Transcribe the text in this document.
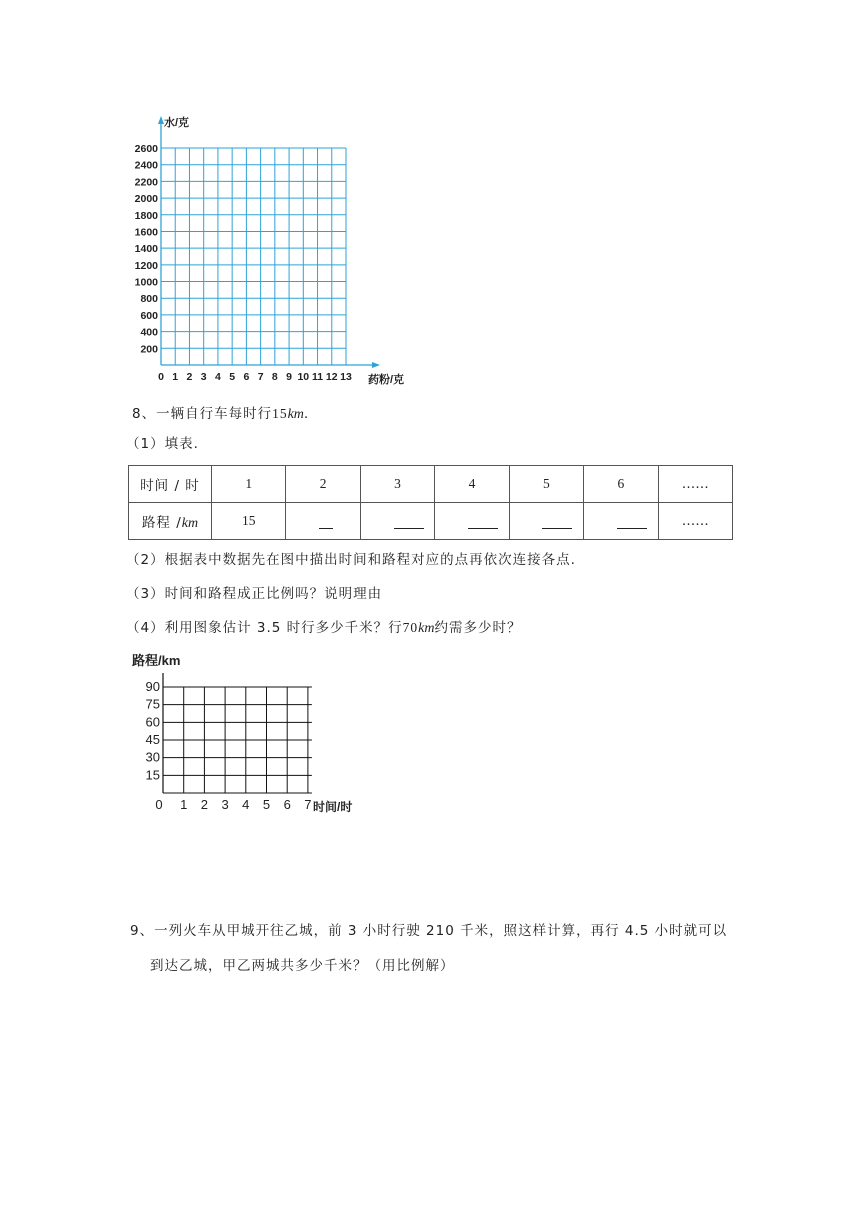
2600
2400
2200
2000
1800
1600
1400
1200
1000
800
600
400
200
0 1 2 3 4 5 6 7 8 9 10 11 12 13
水/克
药粉/克
8、一辆自行车每时行15km.
（1）填表.
时间 / 时	1	2	3	4	5	6	……
路程 /km	15						……
（2）根据表中数据先在图中描出时间和路程对应的点再依次连接各点.
（3）时间和路程成正比例吗？说明理由
（4）利用图象估计 3.5 时行多少千米？行70km约需多少时？
路程/km
90
75
60
45
30
15
0 1 2 3 4 5 6 7 时间/时
9、一列火车从甲城开往乙城，前 3 小时行驶 210 千米，照这样计算，再行 4.5 小时就可以
到达乙城，甲乙两城共多少千米？（用比例解）
